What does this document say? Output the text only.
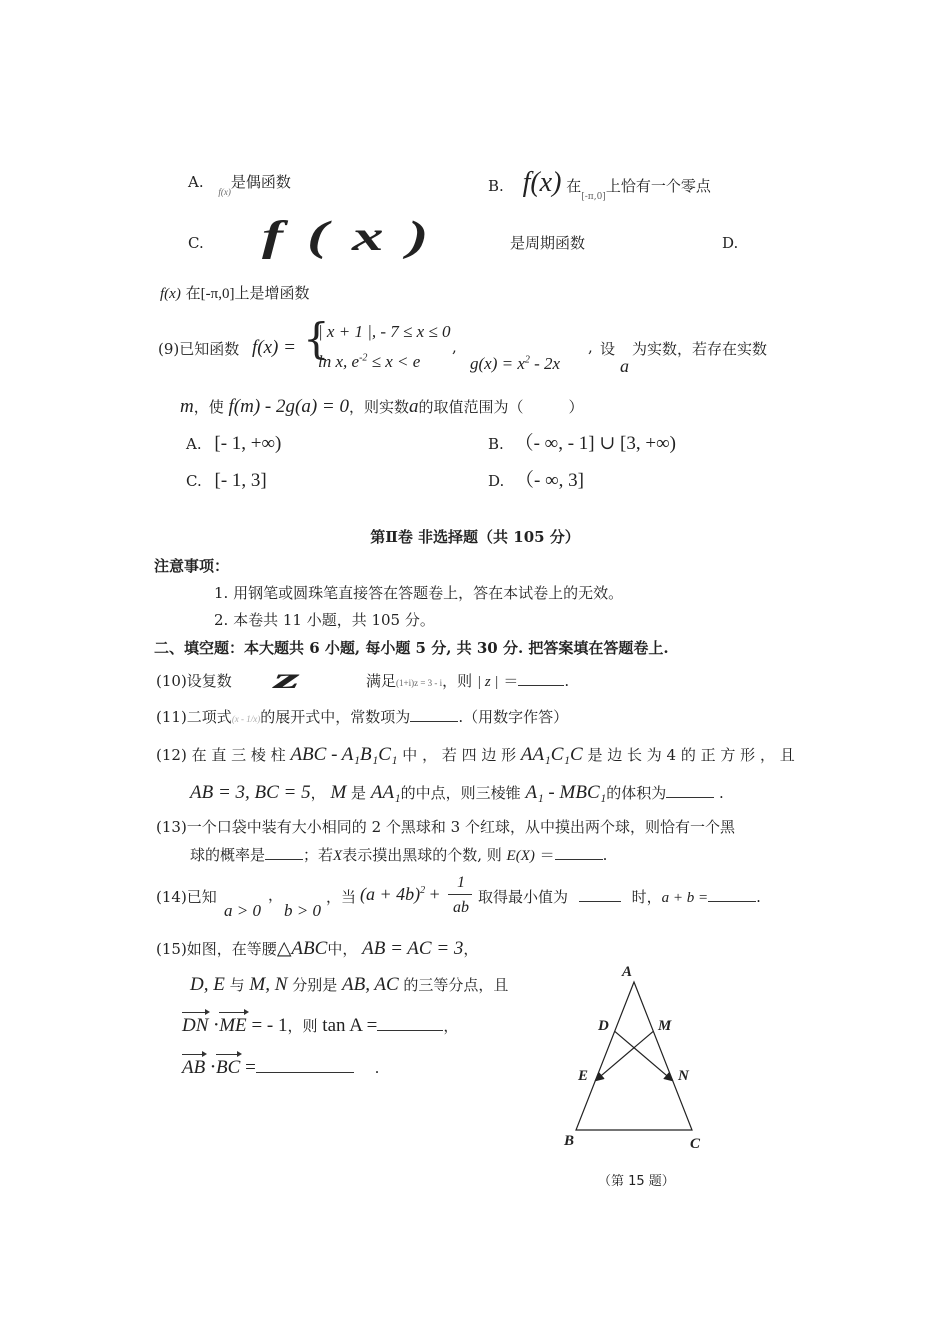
A. $_{f(x)}$是偶函数	B. f(x) 在$_{[-\pi,0]}$上恰有一个零点
C. f(x)	是周期函数	D.
f(x) 在[-π,0]上是增函数
(9)已知函数 f(x) = {
| x + 1 |, - 7 ≤ x ≤ 0
ln x, $e^{-2} \le x < e$
,
$g(x) = x^2 - 2x$
, 设
a
为实数，若存在实数
m，使 f(m) - 2g(a) = 0，则实数a的取值范围为（　　　）
A. [- 1, +∞)	B. （- ∞, - 1] ∪ [3, +∞)
C. [- 1, 3]	D. （- ∞, 3]
第Ⅱ卷 非选择题（共 105 分）
注意事项：
1. 用钢笔或圆珠笔直接答在答题卷上，答在本试卷上的无效。
2. 本卷共 11 小题，共 105 分。
二、填空题：本大题共 6 小题, 每小题 5 分, 共 30 分. 把答案填在答题卷上.
(10)设复数 z	满足(1+i)z = 3 - i，则 | z | ＝	.
(11)二项式(x - 1/x)的展开式中，常数项为	.（用数字作答）
(12) 在 直 三 棱 柱 ABC - A₁B₁C₁ 中 ， 若 四 边 形 AA₁C₁C 是 边 长 为 4 的 正 方 形 ， 且
AB = 3, BC = 5， M 是 AA₁的中点，则三棱锥 A₁ - MBC₁的体积为	.
(13)一个口袋中装有大小相同的 2 个黑球和 3 个红球，从中摸出两个球，则恰有一个黑
球的概率是	；若X表示摸出黑球的个数, 则 E(X) ＝	.
(14)已知
a > 0
，
b > 0
，当 $(a + 4b)^2$ +
1
ab
取得最小值为	时，a + b =	.
(15)如图，在等腰△ABC中， AB = AC = 3，
D, E 与 M, N 分别是 AB, AC 的三等分点，且
DN ·ME = - 1，则 tan A =	，
AB ·BC =	.
A
D	M
E	N
B	C
（第 15 题）
